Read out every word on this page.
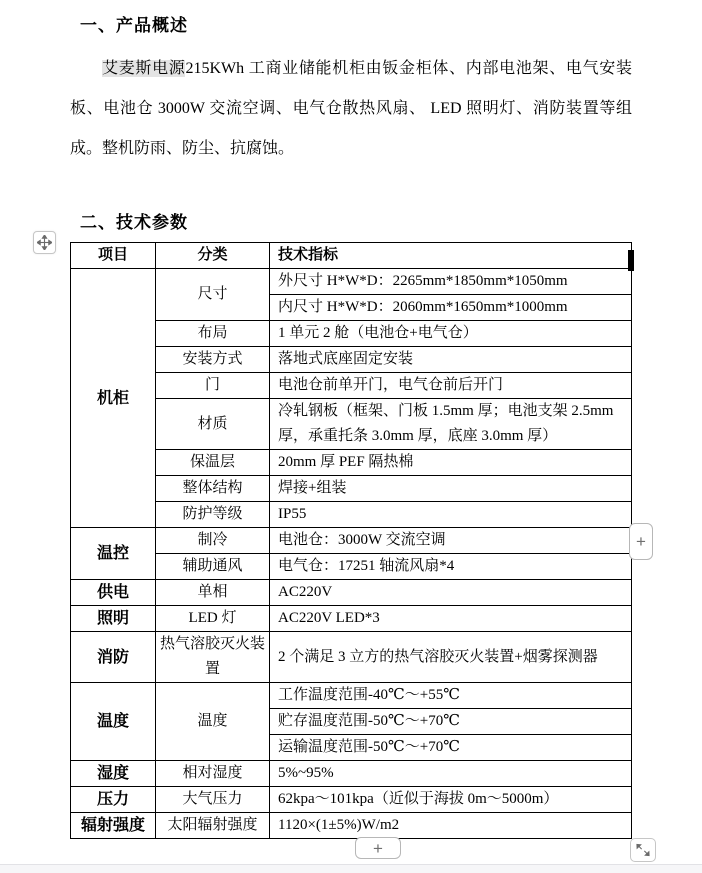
一、产品概述
艾麦斯电源215KWh 工商业储能机柜由钣金柜体、内部电池架、电气安装板、电池仓 3000W 交流空调、电气仓散热风扇、 LED 照明灯、消防装置等组成。整机防雨、防尘、抗腐蚀。
二、技术参数
项目	分类	技术指标
机柜	尺寸	外尺寸 H*W*D：2265mm*1850mm*1050mm
		内尺寸 H*W*D：2060mm*1650mm*1000mm
	布局	1 单元 2 舱（电池仓+电气仓）
	安装方式	落地式底座固定安装
	门	电池仓前单开门，电气仓前后开门
	材质	冷轧钢板（框架、门板 1.5mm 厚；电池支架 2.5mm 厚，承重托条 3.0mm 厚，底座 3.0mm 厚）
	保温层	20mm 厚 PEF 隔热棉
	整体结构	焊接+组装
	防护等级	IP55
温控	制冷	电池仓：3000W 交流空调
	辅助通风	电气仓：17251 轴流风扇*4
供电	单相	AC220V
照明	LED 灯	AC220V LED*3
消防	热气溶胶灭火装置	2 个满足 3 立方的热气溶胶灭火装置+烟雾探测器
温度	温度	工作温度范围-40℃～+55℃
		贮存温度范围-50℃～+70℃
		运输温度范围-50℃～+70℃
湿度	相对湿度	5%~95%
压力	大气压力	62kpa～101kpa（近似于海拔 0m～5000m）
辐射强度	太阳辐射强度	1120×(1±5%)W/m2
+
+
